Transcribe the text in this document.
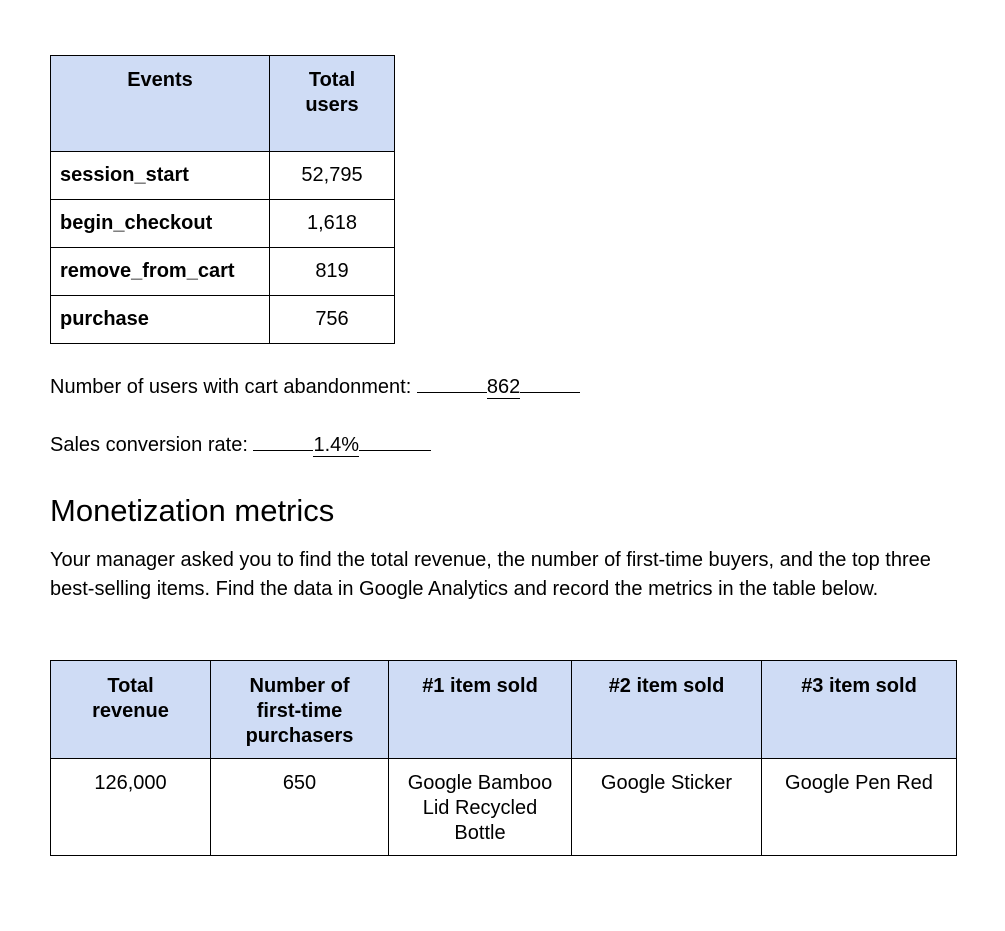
Events	Total users
session_start	52,795
begin_checkout	1,618
remove_from_cart	819
purchase	756
Number of users with cart abandonment:	862
Sales conversion rate:	1.4%
Monetization metrics

Your manager asked you to find the total revenue, the number of first-time buyers, and the top three best-selling items. Find the data in Google Analytics and record the metrics in the table below.

Total revenue	Number of first-time purchasers	#1 item sold	#2 item sold	#3 item sold
126,000	650	Google Bamboo Lid Recycled Bottle	Google Sticker	Google Pen Red
